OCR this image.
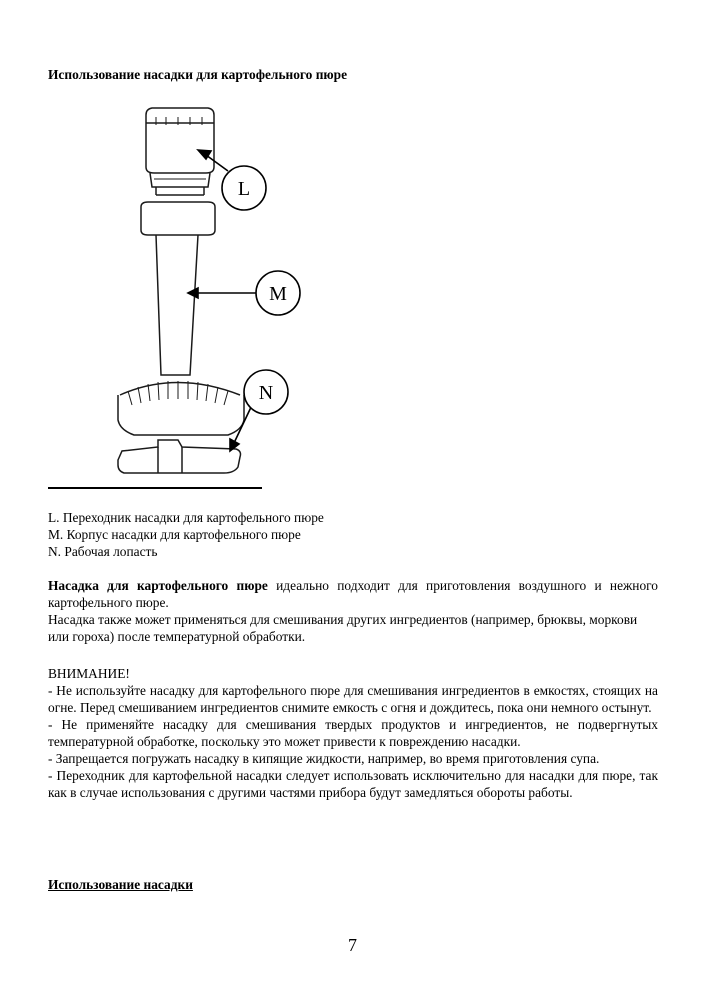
Использование насадки для картофельного пюре
L
M
N
L. Переходник насадки для картофельного пюре
M. Корпус насадки для картофельного пюре
N. Рабочая лопасть

Насадка для картофельного пюре идеально подходит для приготовления воздушного и нежного картофельного пюре.

Насадка также может применяться для смешивания других ингредиентов (например, брюквы, моркови или гороха) после температурной обработки.

ВНИМАНИЕ!

- Не используйте насадку для картофельного пюре для смешивания ингредиентов в емкостях, стоящих на огне. Перед смешиванием ингредиентов снимите емкость с огня и дождитесь, пока они немного остынут.

- Не применяйте насадку для смешивания твердых продуктов и ингредиентов, не подвергнутых температурной обработке, поскольку это может привести к повреждению насадки.

- Запрещается погружать насадку в кипящие жидкости, например, во время приготовления супа.

- Переходник для картофельной насадки следует использовать исключительно для насадки для пюре, так как в случае использования с другими частями прибора будут замедляться обороты работы.

Использование насадки
7
